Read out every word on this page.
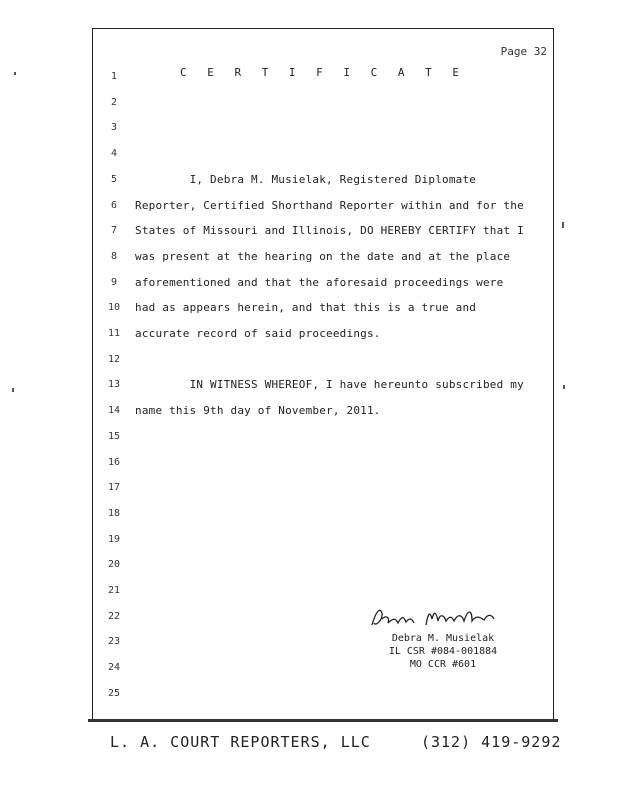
Page 32
C E R T I F I C A T E
1
2
3
4
5	I, Debra M. Musielak, Registered Diplomate
6	Reporter, Certified Shorthand Reporter within and for the
7	States of Missouri and Illinois, DO HEREBY CERTIFY that I
8	was present at the hearing on the date and at the place
9	aforementioned and that the aforesaid proceedings were
10	had as appears herein, and that this is a true and
11	accurate record of said proceedings.
12
13	IN WITNESS WHEREOF, I have hereunto subscribed my
14	name this 9th day of November, 2011.
15
16
17
18
19
20
21
22
23
24
25
Debra M. Musielak
IL CSR #084-001884
MO CCR #601
L. A. COURT REPORTERS, LLC     (312) 419-9292
